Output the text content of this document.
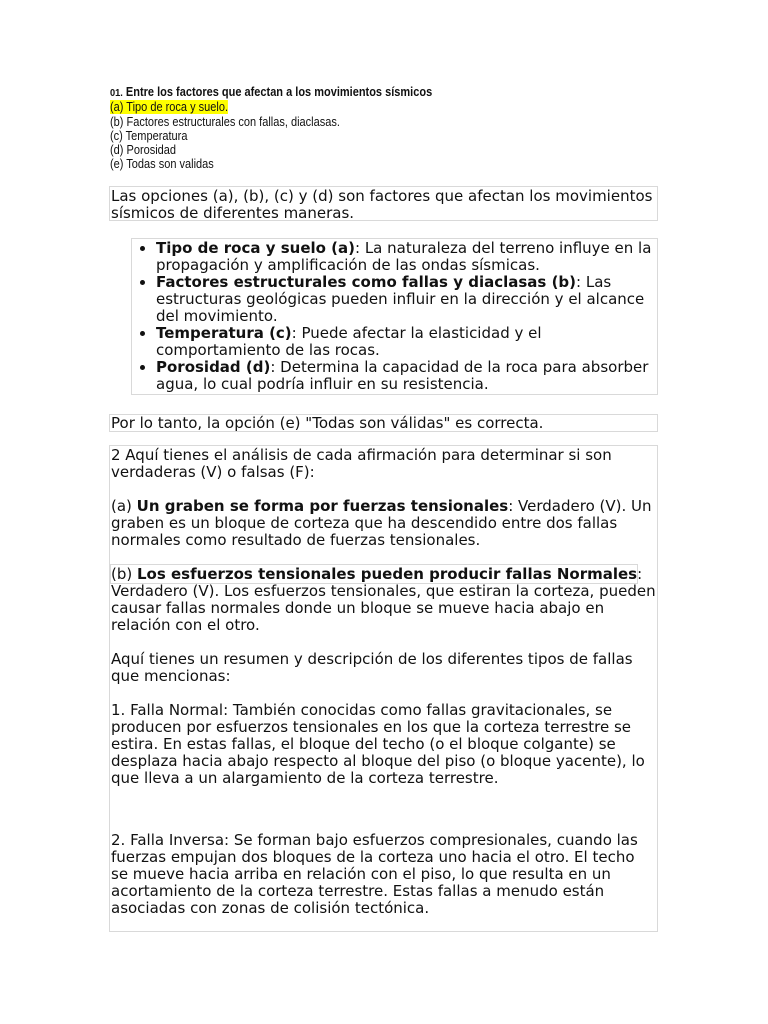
01. Entre los factores que afectan a los movimientos sísmicos
(a) Tipo de roca y suelo.
(b) Factores estructurales con fallas, diaclasas.
(c) Temperatura
(d) Porosidad
(e) Todas son validas

Las opciones (a), (b), (c) y (d) son factores que afectan los movimientos sísmicos de diferentes maneras.

• Tipo de roca y suelo (a): La naturaleza del terreno influye en la propagación y amplificación de las ondas sísmicas.
• Factores estructurales como fallas y diaclasas (b): Las estructuras geológicas pueden influir en la dirección y el alcance del movimiento.
• Temperatura (c): Puede afectar la elasticidad y el comportamiento de las rocas.
• Porosidad (d): Determina la capacidad de la roca para absorber agua, lo cual podría influir en su resistencia.

Por lo tanto, la opción (e) "Todas son válidas" es correcta.

2 Aquí tienes el análisis de cada afirmación para determinar si son verdaderas (V) o falsas (F):

(a) Un graben se forma por fuerzas tensionales: Verdadero (V). Un graben es un bloque de corteza que ha descendido entre dos fallas normales como resultado de fuerzas tensionales.

(b) Los esfuerzos tensionales pueden producir fallas Normales: Verdadero (V). Los esfuerzos tensionales, que estiran la corteza, pueden causar fallas normales donde un bloque se mueve hacia abajo en relación con el otro.

Aquí tienes un resumen y descripción de los diferentes tipos de fallas que mencionas:

1. Falla Normal: También conocidas como fallas gravitacionales, se producen por esfuerzos tensionales en los que la corteza terrestre se estira. En estas fallas, el bloque del techo (o el bloque colgante) se desplaza hacia abajo respecto al bloque del piso (o bloque yacente), lo que lleva a un alargamiento de la corteza terrestre.

2. Falla Inversa: Se forman bajo esfuerzos compresionales, cuando las fuerzas empujan dos bloques de la corteza uno hacia el otro. El techo se mueve hacia arriba en relación con el piso, lo que resulta en un acortamiento de la corteza terrestre. Estas fallas a menudo están asociadas con zonas de colisión tectónica.
